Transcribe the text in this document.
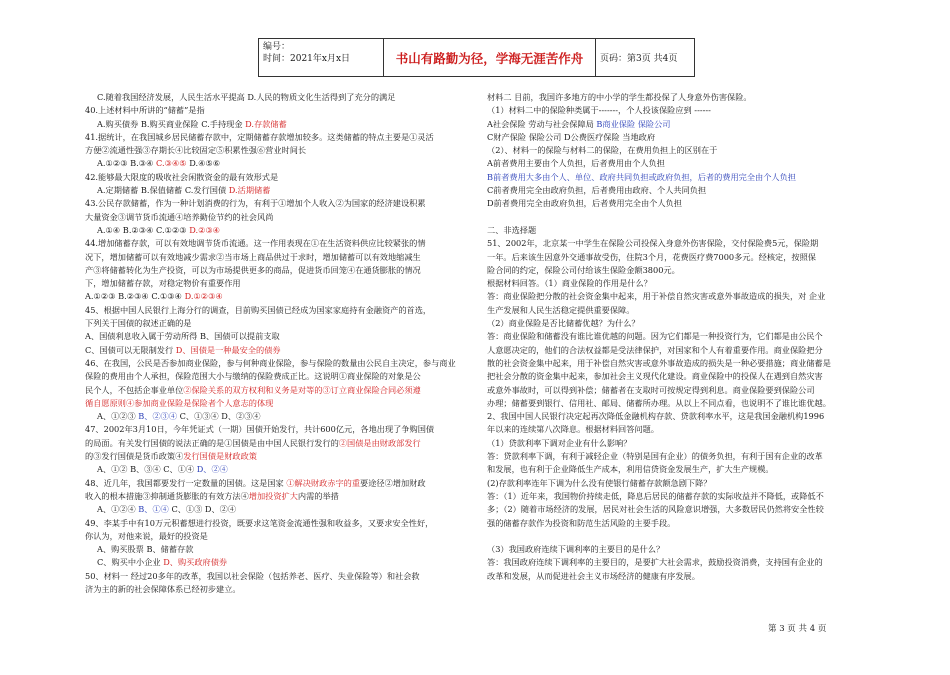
编号：
时间：2021年x月x日	书山有路勤为径，学海无涯苦作舟	页码：第3页 共4页
C.随着我国经济发展，人民生活水平提高 D.人民的物质文化生活得到了充分的满足
40.上述材料中所讲的“储蓄”是指
A.购买债券 B.购买商业保险 C.手持现金 D.存款储蓄
41.据统计，在我国城乡居民储蓄存款中，定期储蓄存款增加较多。这类储蓄的特点主要是①灵活
方便②流通性强③存期长④比较固定⑤积累性强⑥营业时间长
A.①②③ B.③④ C.③④⑤ D.④⑤⑥
42.能够最大限度的吸收社会闲散资金的最有效形式是
A.定期储蓄 B.保值储蓄 C.发行国债 D.活期储蓄
43.公民存款储蓄，作为一种计划消费的行为，有利于①增加个人收入②为国家的经济建设积累
大量资金③调节货币流通④培养勤俭节约的社会风尚
A.①④ B.②③④ C.①②③ D.②③④
44.增加储蓄存款，可以有效地调节货币流通。这一作用表现在①在生活资料供应比较紧张的情
况下，增加储蓄可以有效地减少需求②当市场上商品供过于求时，增加储蓄可以有效地缩减生
产③将储蓄转化为生产投资，可以为市场提供更多的商品，促进货币回笼④在通货膨胀的情况
下，增加储蓄存款，对稳定物价有重要作用
A.①②③ B.②③④ C.①③④ D.①②③④
45、根据中国人民银行上海分行的调查，目前购买国债已经成为国家家庭持有金融资产的首选，
下列关于国债的叙述正确的是
A、国债利息收入属于劳动所得 B、国债可以提前支取
C、国债可以无限制发行 D、国债是一种最安全的债券
46、在我国，公民是否参加商业保险，参与何种商业保险，参与保险的数量由公民自主决定，参与商业
保险的费用由个人承担，保险范围大小与缴纳的保险费成正比。这说明①商业保险的对象是公
民个人，不包括企事业单位②保险关系的双方权利和义务是对等的③订立商业保险合同必须遵
循自愿原则④参加商业保险是保险者个人意志的体现
A、①②③ B、②③④ C、①③④ D、②③④
47、2002年3月10日，今年凭证式（一期）国债开始发行，共计600亿元，各地出现了争购国债
的局面。有关发行国债的说法正确的是①国债是由中国人民银行发行的②国债是由财政部发行
的③发行国债是货币政策④发行国债是财政政策
A、①② B、③④ C、①④ D、②④
48、近几年，我国都要发行一定数量的国债。这是国家 ①解决财政赤字的重要途径②增加财政
收入的根本措施③抑制通货膨胀的有效方法④增加投资扩大内需的举措
A、①②④ B、①④ C、①③ D、②④
49、李某手中有10万元积蓄想进行投资，既要求这笔资金流通性强和收益多，又要求安全性好，
你认为，对他来说，最好的投资是
A、购买股票 B、储蓄存款
C、购买中小企业 D、购买政府债券
50、材料一 经过20多年的改革，我国以社会保险（包括养老、医疗、失业保险等）和社会救
济为主的新的社会保障体系已经初步建立。
材料二 目前，我国许多地方的中小学的学生都投保了人身意外伤害保险。
（1）材料二中的保险种类属于-------，个人投该保险应到 ------
A社会保险 劳动与社会保障局 B商业保险 保险公司
C财产保险 保险公司 D公费医疗保险 当地政府
（2）、材料一的保险与材料二的保险，在费用负担上的区别在于
A前者费用主要由个人负担，后者费用由个人负担
B前者费用大多由个人、单位、政府共同负担或政府负担，后者的费用完全由个人负担
C前者费用完全由政府负担，后者费用由政府、个人共同负担
D前者费用完全由政府负担，后者费用完全由个人负担
二、非选择题
51、2002年，北京某一中学生在保险公司投保入身意外伤害保险，交付保险费5元，保险期
一年。后来该生因意外交通事故受伤，住院3个月，花费医疗费7000多元。经核定，按照保
险合同的约定，保险公司付给该生保险金额3800元。
根据材料回答。（1）商业保险的作用是什么？
答：商业保险把分散的社会资金集中起来，用于补偿自然灾害或意外事故造成的损失，对 企业
生产发展和人民生活稳定提供重要保障。
（2）商业保险是否比储蓄优越？为什么？
答：商业保险和储蓄没有谁比谁优越的问题。因为它们都是一种投资行为，它们都是由公民个
人意愿决定的，他们的合法权益都是受法律保护，对国家和个人有着重要作用。商业保险把分
散的社会资金集中起来，用于补偿自然灾害或意外事故造成的损失是一种必要措施；商业储蓄是
把社会分散的资金集中起来，参加社会主义现代化建设。商业保险中的投保人在遇到自然灾害
或意外事故时，可以得到补偿；储蓄者在支取时可按规定得到利息。商业保险要到保险公司
办理；储蓄要到银行、信用社、邮局、储蓄所办理。从以上不同点看，也说明不了谁比谁优越。
2、我国中国人民银行决定起再次降低金融机构存款、贷款利率水平，这是我国金融机构1996
年以来的连续第八次降息。根据材料回答问题。
（1）贷款利率下调对企业有什么影响？
答：贷款利率下调，有利于减轻企业（特别是国有企业）的债务负担，有利于国有企业的改革
和发展，也有利于企业降低生产成本，利用信贷资金发展生产，扩大生产规模。
(2)存款利率连年下调为什么没有使银行储蓄存款额急剧下降？
答：（1）近年来，我国物价持续走低，降息后居民的储蓄存款的实际收益并不降低，或降低不
多；（2）随着市场经济的发展，居民对社会生活的风险意识增强，大多数居民仍然将安全性较
强的储蓄存款作为投资和防范生活风险的主要手段。
（3）我国政府连续下调利率的主要目的是什么？
答：我国政府连续下调利率的主要目的，是要扩大社会需求，鼓励投资消费，支持国有企业的
改革和发展，从而促进社会主义市场经济的健康有序发展。
第 3 页 共 4 页
